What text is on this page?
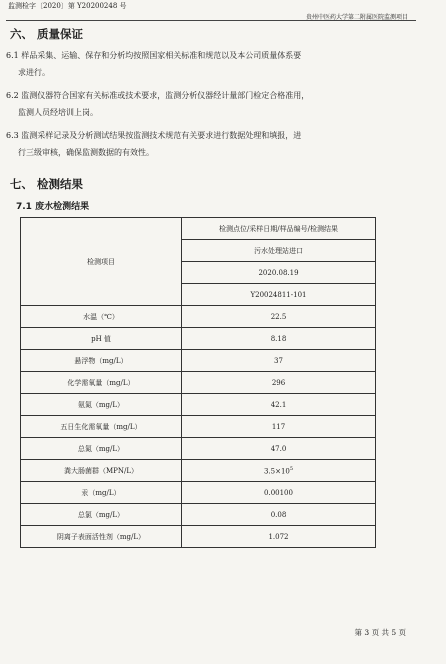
监测检字〔2020〕第 Y20200248 号
贵州中医药大学第二附属医院监测项目
六、 质量保证
6.1 样品采集、运输、保存和分析均按照国家相关标准和规范以及本公司质量体系要
求进行。
6.2 监测仪器符合国家有关标准或技术要求，监测分析仪器经计量部门检定合格准用，
监测人员经培训上岗。
6.3 监测采样记录及分析测试结果按监测技术规范有关要求进行数据处理和填报，进
行三级审核，确保监测数据的有效性。
七、 检测结果
7.1 废水检测结果
检测项目	检测点位/采样日期/样品编号/检测结果
	污水处理站进口
	2020.08.19
	Y20024811-101
水温（℃）	22.5
pH 值	8.18
悬浮物（mg/L）	37
化学需氧量（mg/L）	296
氨氮（mg/L）	42.1
五日生化需氧量（mg/L）	117
总氮（mg/L）	47.0
粪大肠菌群（MPN/L）	$3.5\times 10^5$
汞（mg/L）	0.00100
总氯（mg/L）	0.08
阴离子表面活性剂（mg/L）	1.072
第 3 页 共 5 页
